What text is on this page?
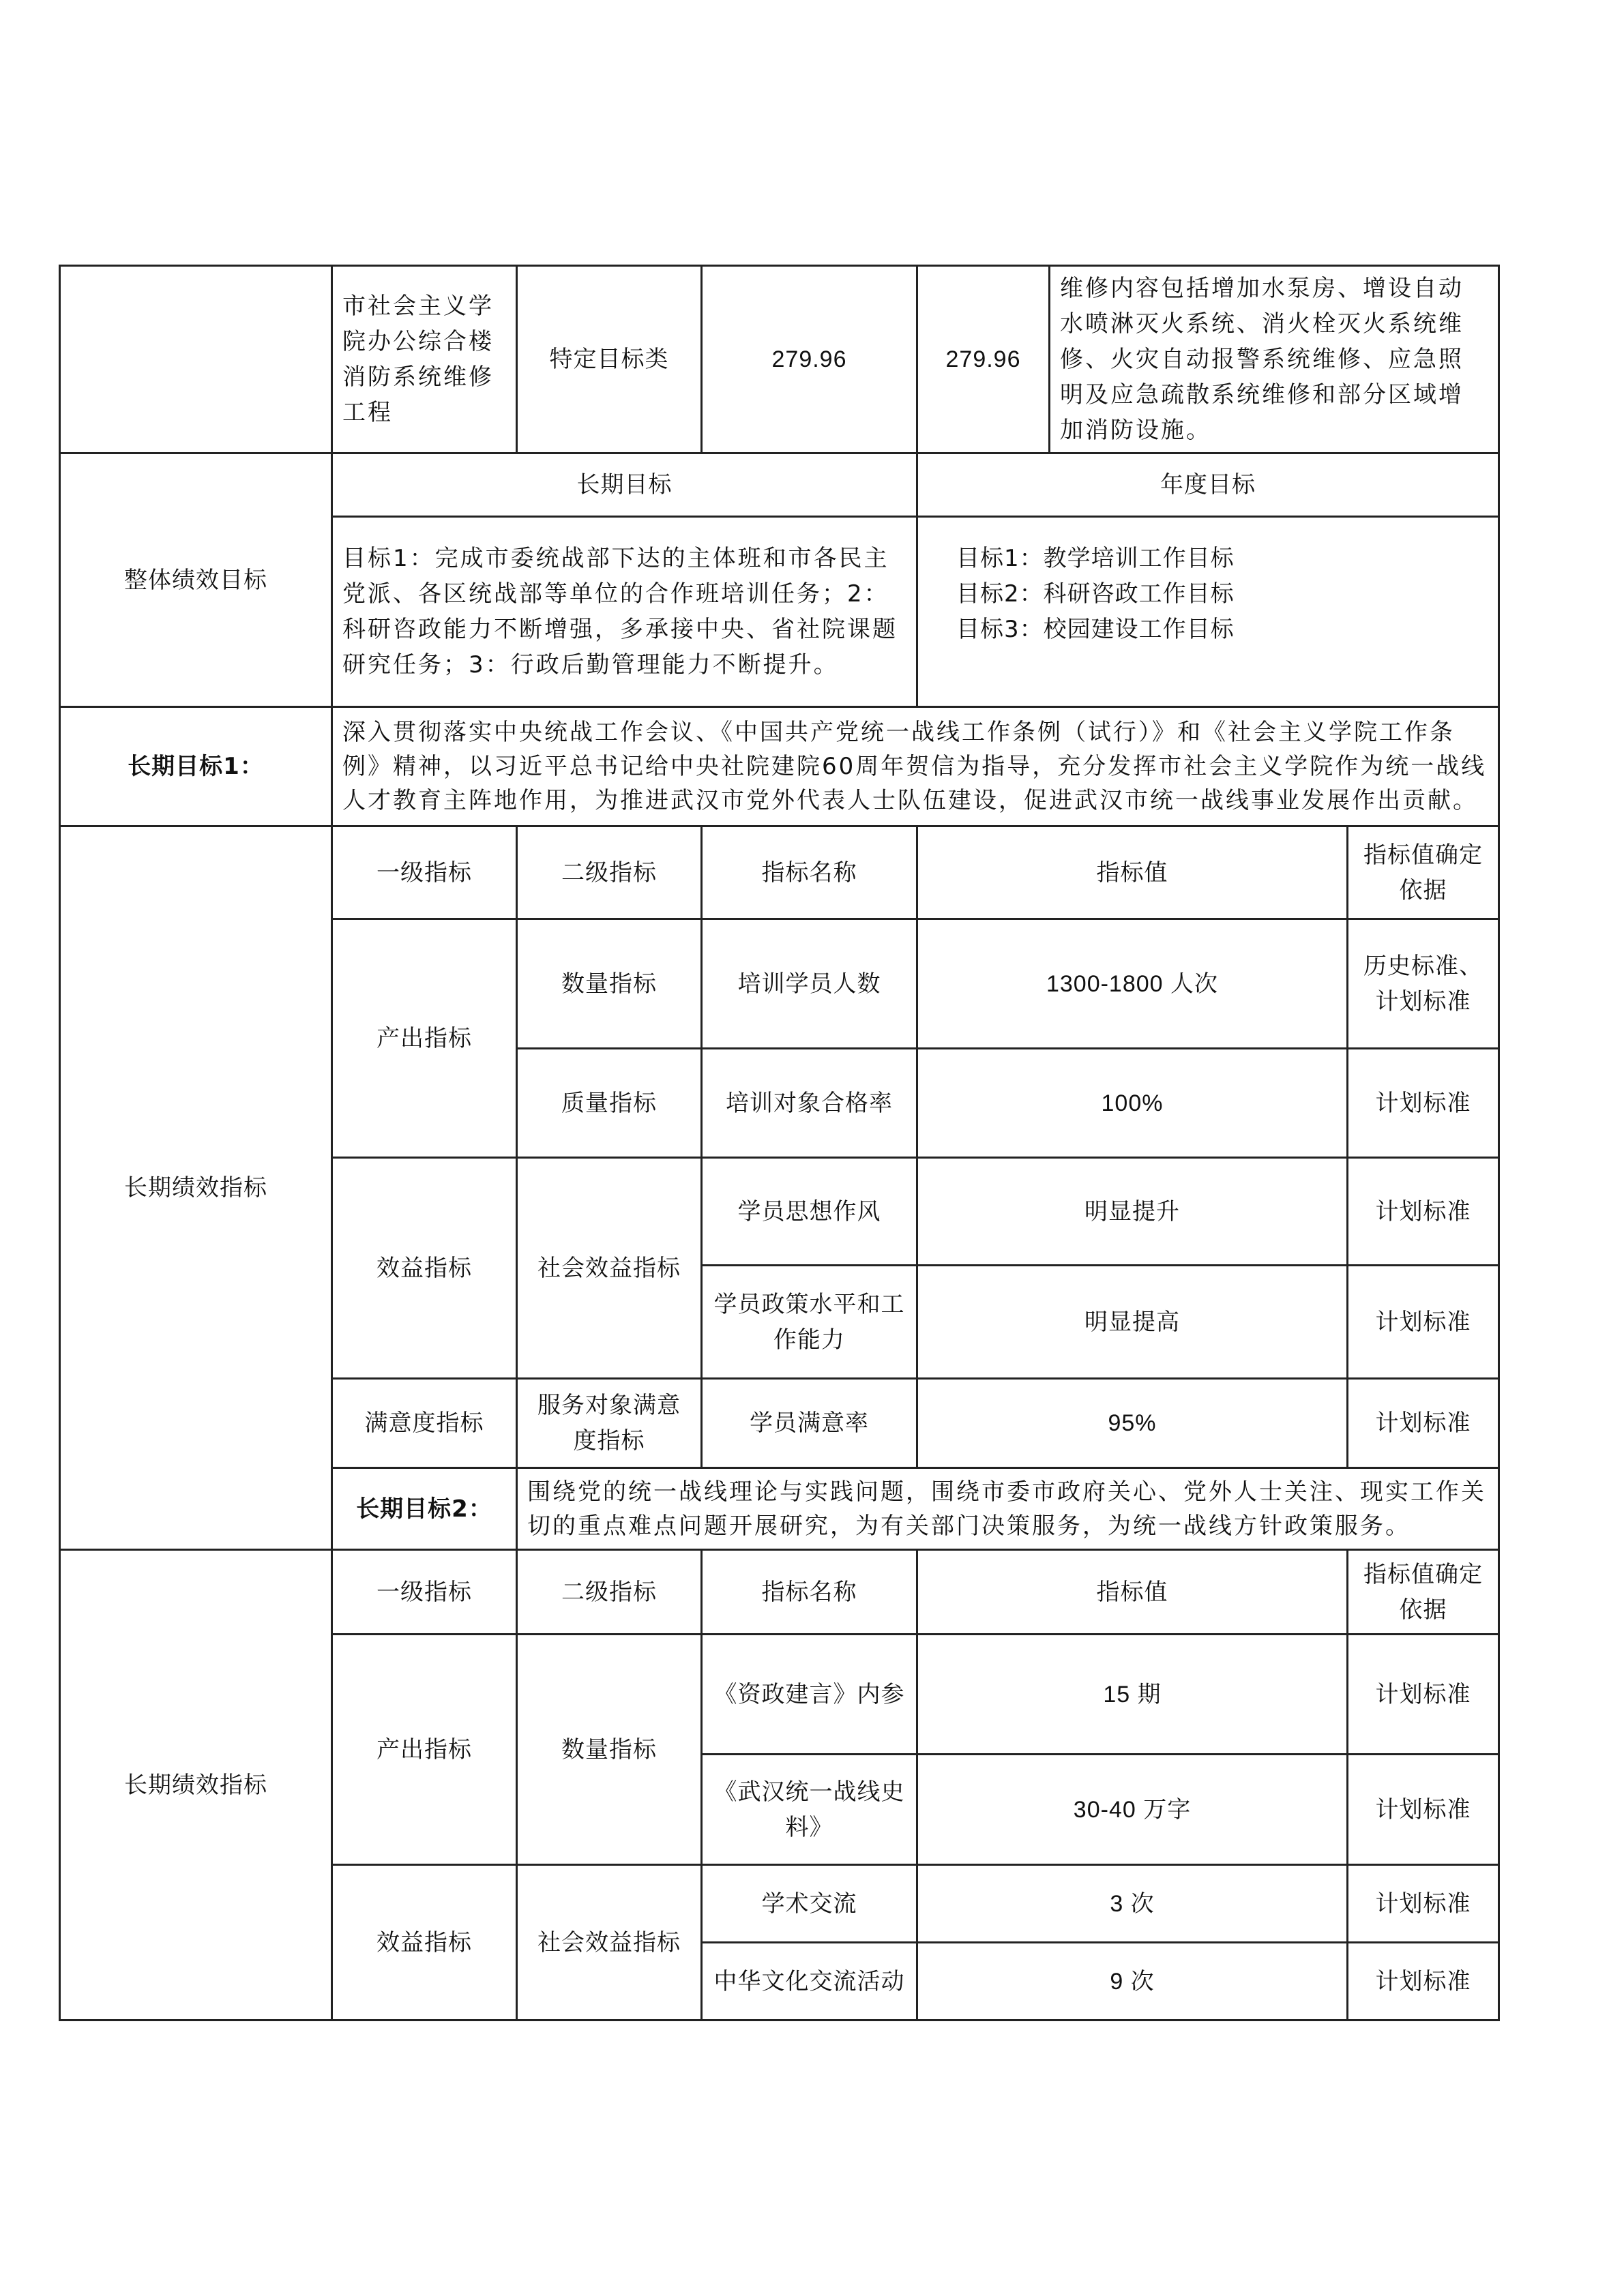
	市社会主义学院办公综合楼消防系统维修工程	特定目标类	279.96	279.96	维修内容包括增加水泵房、增设自动水喷淋灭火系统、消火栓灭火系统维修、火灾自动报警系统维修、应急照明及应急疏散系统维修和部分区域增加消防设施。	
整体绩效目标	长期目标			年度目标		
	目标1：完成市委统战部下达的主体班和市各民主党派、各区统战部等单位的合作班培训任务；2：科研咨政能力不断增强，多承接中央、省社院课题研究任务；3：行政后勤管理能力不断提升。			目标1：教学培训工作目标
目标2：科研咨政工作目标
目标3：校园建设工作目标		

长期目标1：	深入贯彻落实中央统战工作会议、《中国共产党统一战线工作条例（试行）》和《社会主义学院工作条例》精神，以习近平总书记给中央社院建院60周年贺信为指导，充分发挥市社会主义学院作为统一战线人才教育主阵地作用，为推进武汉市党外代表人士队伍建设，促进武汉市统一战线事业发展作出贡献。					
长期绩效指标	一级指标	二级指标	指标名称	指标值		指标值确定依据
	产出指标	数量指标	培训学员人数	1300-1800 人次		历史标准、计划标准
		质量指标	培训对象合格率	100%		计划标准
	效益指标	社会效益指标	学员思想作风	明显提升		计划标准
			学员政策水平和工作能力	明显提高		计划标准
	满意度指标	服务对象满意度指标	学员满意率	95%		计划标准
	长期目标2：	围绕党的统一战线理论与实践问题，围绕市委市政府关心、党外人士关注、现实工作关切的重点难点问题开展研究，为有关部门决策服务，为统一战线方针政策服务。				
长期绩效指标	一级指标	二级指标	指标名称	指标值		指标值确定依据
	产出指标	数量指标	《资政建言》内参	15 期		计划标准
			《武汉统一战线史料》	30-40 万字		计划标准
	效益指标	社会效益指标	学术交流	3 次		计划标准
			中华文化交流活动	9 次		计划标准
